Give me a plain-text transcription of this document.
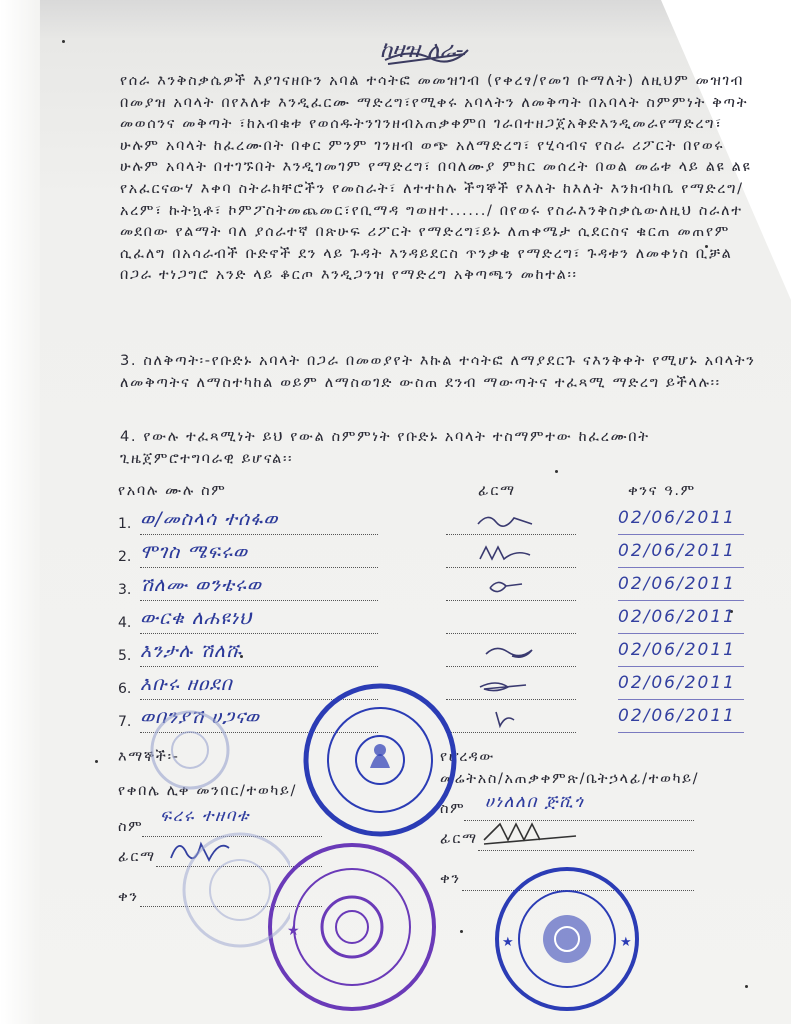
ከዛዝ ለራ-
የሰራ እንቅስቃሴዎች እያገናዘቡን አባል ተሳትፎ መመዝገብ (የቀረፃ/የመገ ቡማለት) ለዚህም መዝገብ በመያዝ አባላት በየእለቱ እንዲፈርሙ ማድረግ፣የሚቀሩ አባላትን ለመቅጣት በአባላት ስምምነት ቅጣት መወሰንና መቅጣት ፣ከአብቁቱ የወሰዱትንገንዘብአጠቃቀምበ ገራበተዘጋጀአቅድእንዲመራየማድረግ፣ ሁሉም አባላት ከፈረሙበት በቀር ምንም ገንዘብ ወጭ አለማድረግ፣ የሂሳብና የስራ ሪፖርት በየወሩ ሁሉም አባላት በተገኙበት እንዲገመገም የማድረግ፣ በባለሙያ ምክር መሰረት በወል መሬቱ ላይ ልዩ ልዩ የአፈርናውሃ እቀባ ስትራክቸሮችን የመስራት፣ ለተተከሉ ችግኞች የእለት ከእለት እንክብካቤ የማድረግ/አረም፣ ኩትኳቶ፣ ኮምፖስትመጨመር፣የቢማዳ ግወዘተ....../ በየወሩ የስራእንቅስቃሴውለዚህ ስራለተ መደበው የልማት ባለ ያሰራተኛ በጽሁፍ ሪፖርት የማድረግ፣ይኑ ለጠቀሜታ ሲደርስና ቁርጠ መጠየም ሲፈለግ በአሳራብች ቡድኖች ደን ላይ ጉዳት እንዳይደርስ ጥንቃቄ የማድረግ፣ ጉዳቱን ለመቀነስ ቢቻል በጋራ ተነጋግሮ አንድ ላይ ቆርጦ እንዲጋንዝ የማድረግ አቅጣጫን መከተል፡፡
3. ስለቅጣት፡-የቡድኑ አባላት በጋራ በመወያየት እኩል ተሳትፎ ለማያደርጉ ናእንቅቀት የሚሆኑ አባላትን ለመቅጣትና ለማስተካከል ወይም ለማስወገድ ውስጠ ደንብ ማውጣትና ተፈጻሚ ማድረግ ይችላሉ፡፡
4. የውሉ ተፈጻሚነት ይህ የውል ስምምነት የቡድኑ አባላት ተስማምተው ከፈረሙበት ጊዜጀምሮተግባራዊ ይሆናል፡፡
የአባሉ ሙሉ ስም	ፊርማ	ቀንና ዓ.ም
1. ወ/መስላሳ ተሰፋወ	02/06/2011
2. ሞገስ ሜፍሩወ	02/06/2011
3. ሽለሙ ወንቴሩወ	02/06/2011
4. ውርቁ ለሐዩነህ	02/06/2011
5. እንታሉ ሽለሹ	02/06/2011
6. እቡሩ ዘዐደበ	02/06/2011
7. ወበንያሽ ሀጋናወ	02/06/2011
እማኞች፡-
የቀበሌ ሊቀ መንበር/ተወካይ/
ስም
ፍረሩ ተዘባቱ
ፊርማ
ቀን
የሆረዳው
መሬትአስ/አጠቃቀምጽ/ቤትኃላፊ/ተወካይ/
ስም ሀነለለበ ጅሺጎ
ፊርማ
ቀን
★
★	★
